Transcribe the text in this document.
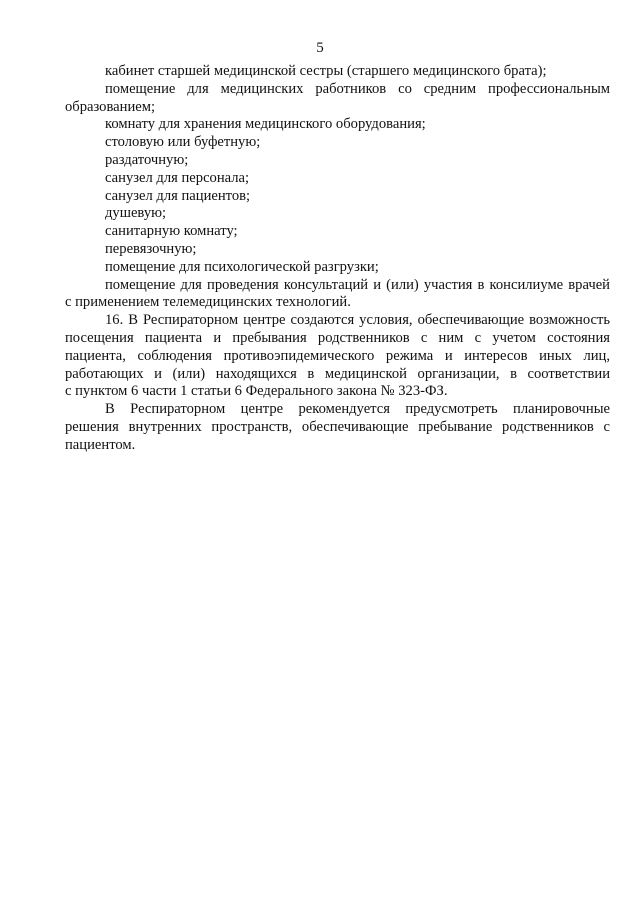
5
кабинет старшей медицинской сестры (старшего медицинского брата);
помещение для медицинских работников со средним профессиональным
образованием;
комнату для хранения медицинского оборудования;
столовую или буфетную;
раздаточную;
санузел для персонала;
санузел для пациентов;
душевую;
санитарную комнату;
перевязочную;
помещение для психологической разгрузки;
помещение для проведения консультаций и (или) участия в консилиуме врачей
с применением телемедицинских технологий.
16. В Респираторном центре создаются условия, обеспечивающие возможность
посещения пациента и пребывания родственников с ним с учетом состояния
пациента, соблюдения противоэпидемического режима и интересов иных лиц,
работающих и (или) находящихся в медицинской организации, в соответствии
с пунктом 6 части 1 статьи 6 Федерального закона № 323-ФЗ.
В Респираторном центре рекомендуется предусмотреть планировочные
решения внутренних пространств, обеспечивающие пребывание родственников с
пациентом.
